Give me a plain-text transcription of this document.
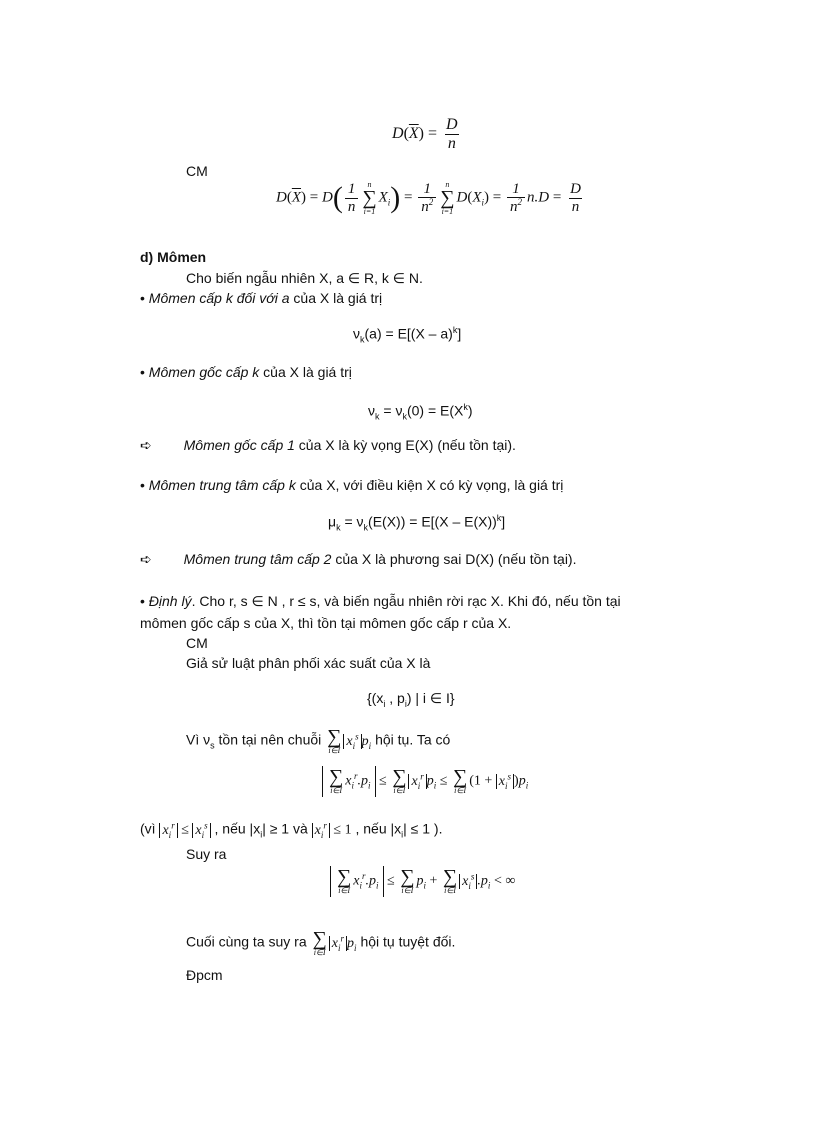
$D(\overline{X}) = \frac{D}{n}$
CM
$D(\overline{X}) = D( \frac{1}{n}$ n
∑
i=1
$X_i) = \frac{1}{n^2}$ n
∑
i=1
$D(X_i) = \frac{1}{n^2} n.D = \frac{D}{n}$
d) Mômen
Cho biến ngẫu nhiên X, a ∈ R, k ∈ N.
• Mômen cấp k đối với a của X là giá trị
$\nu_k(a) = E[(X - a)^k]$
• Mômen gốc cấp k của X là giá trị
$\nu_k = \nu_k(0) = E(X^k)$
➪ Mômen gốc cấp 1 của X là kỳ vọng E(X) (nếu tồn tại).
• Mômen trung tâm cấp k của X, với điều kiện X có kỳ vọng, là giá trị
$\mu_k = \nu_k(E(X)) = E[(X - E(X))^k]$
➪ Mômen trung tâm cấp 2 của X là phương sai D(X) (nếu tồn tại).
• Định lý. Cho r, s ∈ N , r ≤ s, và biến ngẫu nhiên rời rạc X. Khi đó, nếu tồn tại
mômen gốc cấp s của X, thì tồn tại mômen gốc cấp r của X.
CM
Giả sử luật phân phối xác suất của X là
{($x_i$ , $p_i$) | i ∈ I}
Vì $\nu_s$ tồn tại nên chuỗi ∑
i∈I
$x_i^s$ $p_i$ hội tụ. Ta có
∑
i∈I
$x_i^r.p_i$ ≤ ∑
i∈I
$x_i^r$ $p_i$ ≤ ∑
i∈I
($1 + x_i^s$ )$p_i$
(vì $x_i^r \le x_i^s$ , nếu $|x_i| \ge 1$ và $x_i^r \le 1$ , nếu $|x_i| \le 1$ ).
Suy ra
∑
i∈I
$x_i^r.p_i$ ≤ ∑
i∈I
$p_i$ + ∑
i∈I
$x_i^s$ $.p_i$ < ∞
Cuối cùng ta suy ra ∑
i∈I
$x_i^r$ $p_i$ hội tụ tuyệt đối.
Đpcm
